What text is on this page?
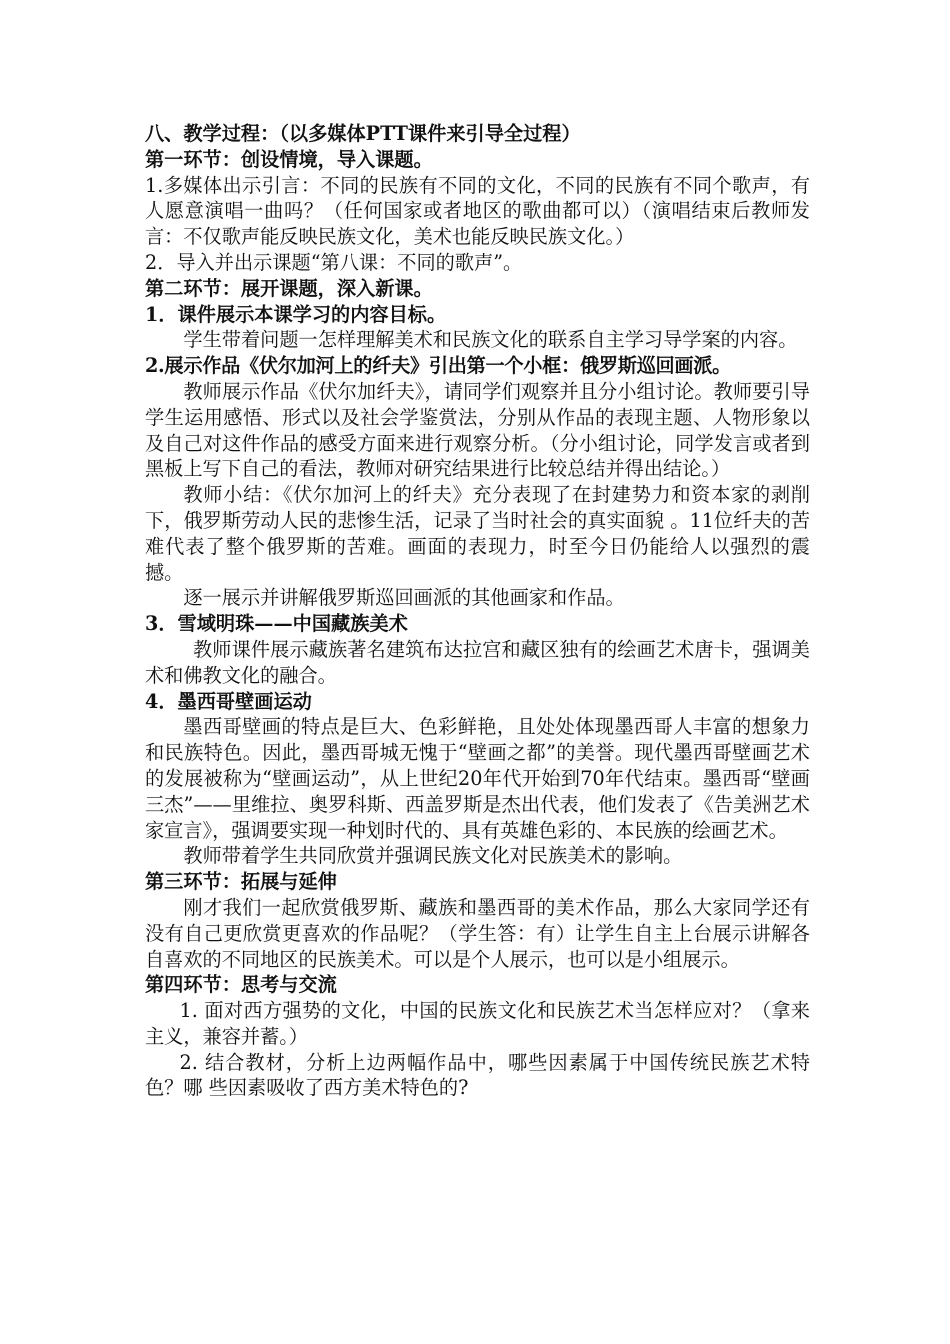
八、教学过程：（以多媒体PTT课件来引导全过程）

第一环节：创设情境，导入课题。

1.多媒体出示引言：不同的民族有不同的文化，不同的民族有不同个歌声，有人愿意演唱一曲吗？（任何国家或者地区的歌曲都可以）（演唱结束后教师发言：不仅歌声能反映民族文化，美术也能反映民族文化。）

2．导入并出示课题“第八课：不同的歌声”。

第二环节：展开课题，深入新课。

1．课件展示本课学习的内容目标。

学生带着问题一怎样理解美术和民族文化的联系自主学习导学案的内容。

2.展示作品《伏尔加河上的纤夫》引出第一个小框：俄罗斯巡回画派。

教师展示作品《伏尔加纤夫》，请同学们观察并且分小组讨论。教师要引导学生运用感悟、形式以及社会学鉴赏法，分别从作品的表现主题、人物形象以及自己对这件作品的感受方面来进行观察分析。（分小组讨论，同学发言或者到黑板上写下自己的看法，教师对研究结果进行比较总结并得出结论。）

教师小结：《伏尔加河上的纤夫》充分表现了在封建势力和资本家的剥削下，俄罗斯劳动人民的悲惨生活，记录了当时社会的真实面貌 。11位纤夫的苦难代表了整个俄罗斯的苦难。画面的表现力，时至今日仍能给人以强烈的震撼。

逐一展示并讲解俄罗斯巡回画派的其他画家和作品。

3．雪域明珠——中国藏族美术

教师课件展示藏族著名建筑布达拉宫和藏区独有的绘画艺术唐卡，强调美术和佛教文化的融合。

4．墨西哥壁画运动

墨西哥壁画的特点是巨大、色彩鲜艳，且处处体现墨西哥人丰富的想象力和民族特色。因此，墨西哥城无愧于“壁画之都”的美誉。现代墨西哥壁画艺术的发展被称为“壁画运动”，从上世纪20年代开始到70年代结束。墨西哥“壁画三杰”——里维拉、奥罗科斯、西盖罗斯是杰出代表，他们发表了《告美洲艺术家宣言》，强调要实现一种划时代的、具有英雄色彩的、本民族的绘画艺术。

教师带着学生共同欣赏并强调民族文化对民族美术的影响。

第三环节：拓展与延伸

刚才我们一起欣赏俄罗斯、藏族和墨西哥的美术作品，那么大家同学还有没有自己更欣赏更喜欢的作品呢？（学生答：有）让学生自主上台展示讲解各自喜欢的不同地区的民族美术。可以是个人展示，也可以是小组展示。

第四环节：思考与交流

1. 面对西方强势的文化，中国的民族文化和民族艺术当怎样应对？（拿来主义，兼容并蓄。）

2. 结合教材，分析上边两幅作品中，哪些因素属于中国传统民族艺术特色？哪 些因素吸收了西方美术特色的?
